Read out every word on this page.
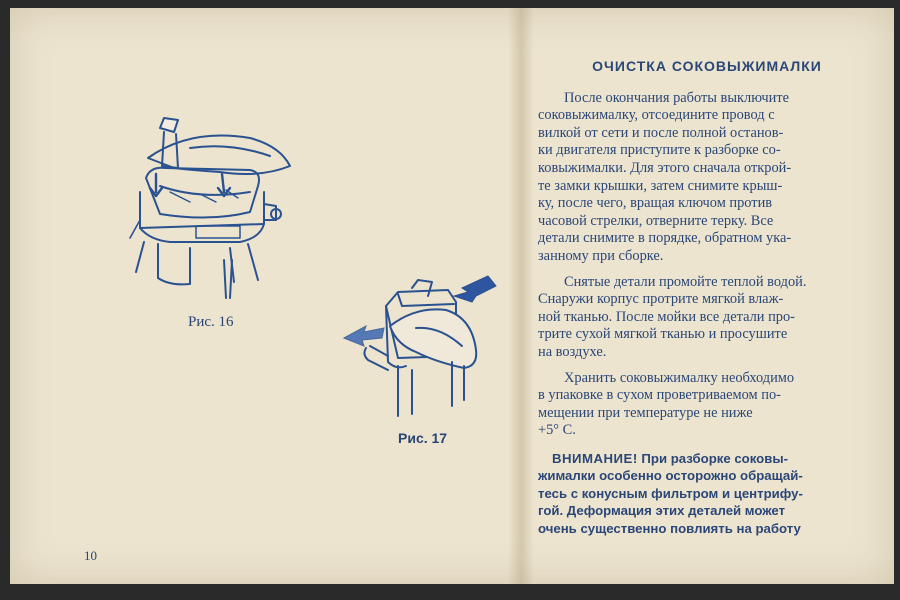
Рис. 16
Рис. 17
10
ОЧИСТКА СОКОВЫЖИМАЛКИ
После окончания работы выключите
соковыжималку, отсоедините провод с
вилкой от сети и после полной останов-
ки двигателя приступите к разборке со-
ковыжималки. Для этого сначала открой-
те замки крышки, затем снимите крыш-
ку, после чего, вращая ключом против
часовой стрелки, отверните терку. Все
детали снимите в порядке, обратном ука-
занному при сборке.
Снятые детали промойте теплой водой.
Снаружи корпус протрите мягкой влаж-
ной тканью. После мойки все детали про-
трите сухой мягкой тканью и просушите
на воздухе.
Хранить соковыжималку необходимо
в упаковке в сухом проветриваемом по-
мещении при температуре не ниже
+5° С.
ВНИМАНИЕ! При разборке соковы-
жималки особенно осторожно обращай-
тесь с конусным фильтром и центрифу-
гой. Деформация этих деталей может
очень существенно повлиять на работу
